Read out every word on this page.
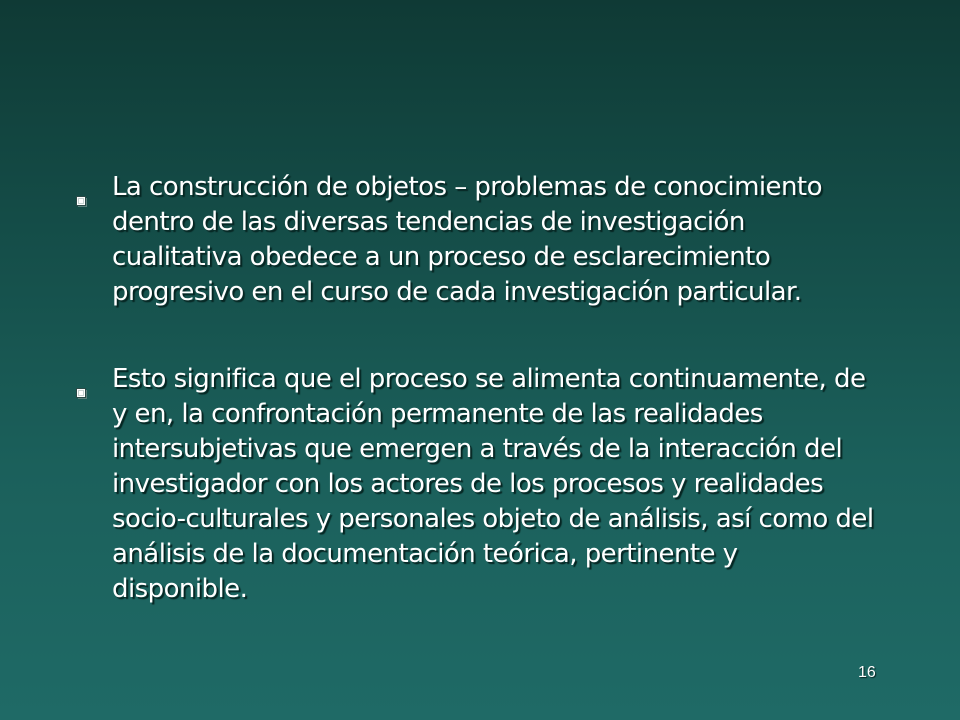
La construcción de objetos – problemas de conocimiento dentro de las diversas tendencias de investigación cualitativa obedece a un proceso de esclarecimiento progresivo en el curso de cada investigación particular.
Esto significa que el proceso se alimenta continuamente, de y en, la confrontación permanente de las realidades intersubjetivas que emergen a través de la interacción del investigador con los actores de los procesos y realidades socio-culturales y personales objeto de análisis, así como del análisis de la documentación teórica, pertinente y disponible.
16
